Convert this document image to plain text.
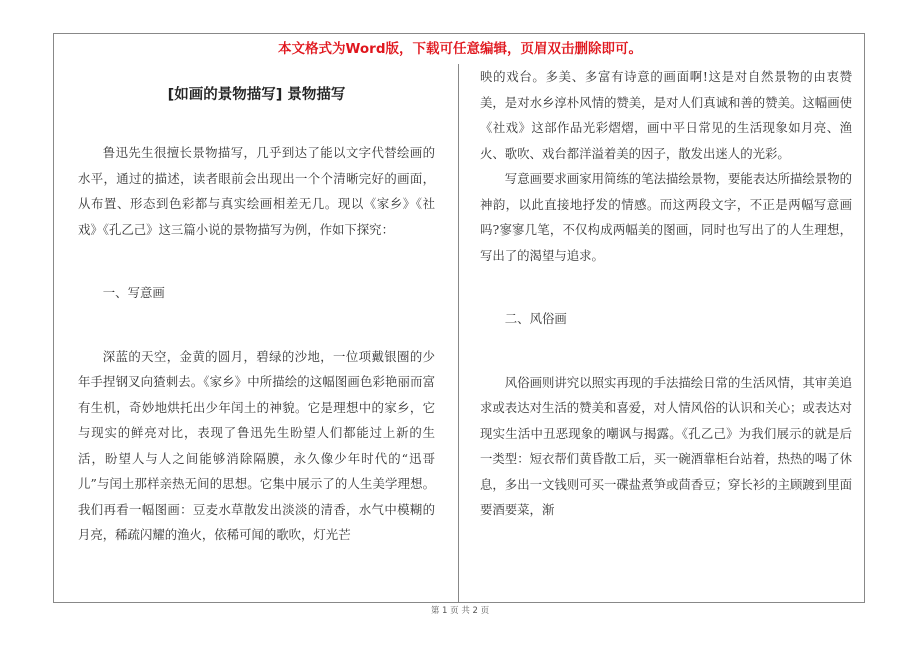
本文格式为Word版，下载可任意编辑，页眉双击删除即可。
[如画的景物描写] 景物描写

鲁迅先生很擅长景物描写，几乎到达了能以文字代替绘画的水平，通过的描述，读者眼前会出现出一个个清晰完好的画面，从布置、形态到色彩都与真实绘画相差无几。现以《家乡》《社戏》《孔乙己》这三篇小说的景物描写为例，作如下探究：

一、写意画

深蓝的天空，金黄的圆月，碧绿的沙地，一位项戴银圈的少年手捏钢叉向猹刺去。《家乡》中所描绘的这幅图画色彩艳丽而富有生机，奇妙地烘托出少年闰土的神貌。它是理想中的家乡，它与现实的鲜亮对比，表现了鲁迅先生盼望人们都能过上新的生活，盼望人与人之间能够消除隔膜，永久像少年时代的“迅哥儿”与闰土那样亲热无间的思想。它集中展示了的人生美学理想。我们再看一幅图画：豆麦水草散发出淡淡的清香，水气中模糊的月亮，稀疏闪耀的渔火，依稀可闻的歌吹，灯光芒

映的戏台。多美、多富有诗意的画面啊!这是对自然景物的由衷赞美，是对水乡淳朴风情的赞美，是对人们真诚和善的赞美。这幅画使《社戏》这部作品光彩熠熠，画中平日常见的生活现象如月亮、渔火、歌吹、戏台都洋溢着美的因子，散发出迷人的光彩。

写意画要求画家用简练的笔法描绘景物，要能表达所描绘景物的神韵，以此直接地抒发的情感。而这两段文字，不正是两幅写意画吗?寥寥几笔，不仅构成两幅美的图画，同时也写出了的人生理想，写出了的渴望与追求。

二、风俗画

风俗画则讲究以照实再现的手法描绘日常的生活风情，其审美追求或表达对生活的赞美和喜爱，对人情风俗的认识和关心；或表达对现实生活中丑恶现象的嘲讽与揭露。《孔乙己》为我们展示的就是后一类型：短衣帮们黄昏散工后，买一碗酒靠柜台站着，热热的喝了休息，多出一文钱则可买一碟盐煮笋或茴香豆；穿长衫的主顾踱到里面要酒要菜，渐

第 1 页 共 2 页
